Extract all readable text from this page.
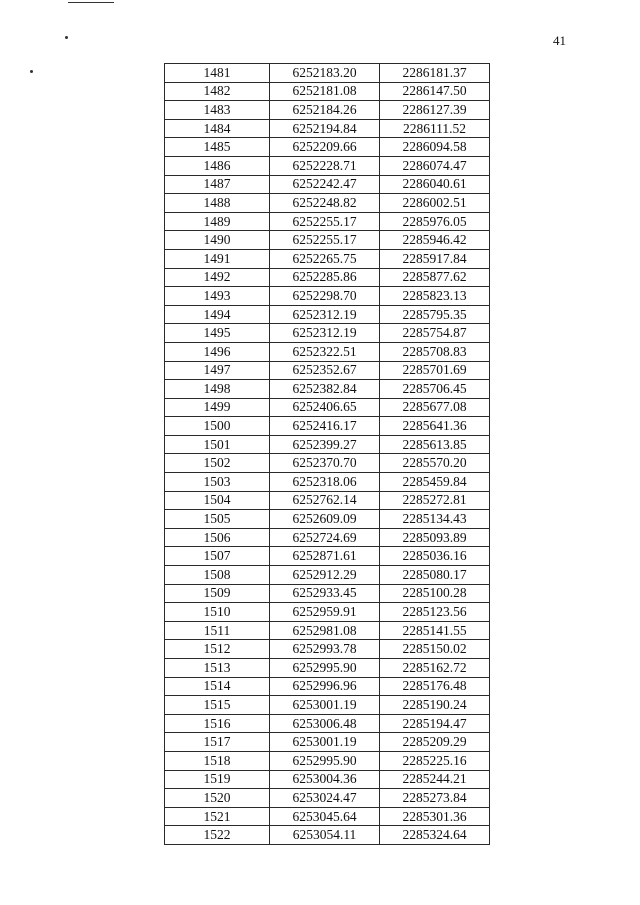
41
1481	6252183.20	2286181.37
1482	6252181.08	2286147.50
1483	6252184.26	2286127.39
1484	6252194.84	2286111.52
1485	6252209.66	2286094.58
1486	6252228.71	2286074.47
1487	6252242.47	2286040.61
1488	6252248.82	2286002.51
1489	6252255.17	2285976.05
1490	6252255.17	2285946.42
1491	6252265.75	2285917.84
1492	6252285.86	2285877.62
1493	6252298.70	2285823.13
1494	6252312.19	2285795.35
1495	6252312.19	2285754.87
1496	6252322.51	2285708.83
1497	6252352.67	2285701.69
1498	6252382.84	2285706.45
1499	6252406.65	2285677.08
1500	6252416.17	2285641.36
1501	6252399.27	2285613.85
1502	6252370.70	2285570.20
1503	6252318.06	2285459.84
1504	6252762.14	2285272.81
1505	6252609.09	2285134.43
1506	6252724.69	2285093.89
1507	6252871.61	2285036.16
1508	6252912.29	2285080.17
1509	6252933.45	2285100.28
1510	6252959.91	2285123.56
1511	6252981.08	2285141.55
1512	6252993.78	2285150.02
1513	6252995.90	2285162.72
1514	6252996.96	2285176.48
1515	6253001.19	2285190.24
1516	6253006.48	2285194.47
1517	6253001.19	2285209.29
1518	6252995.90	2285225.16
1519	6253004.36	2285244.21
1520	6253024.47	2285273.84
1521	6253045.64	2285301.36
1522	6253054.11	2285324.64
